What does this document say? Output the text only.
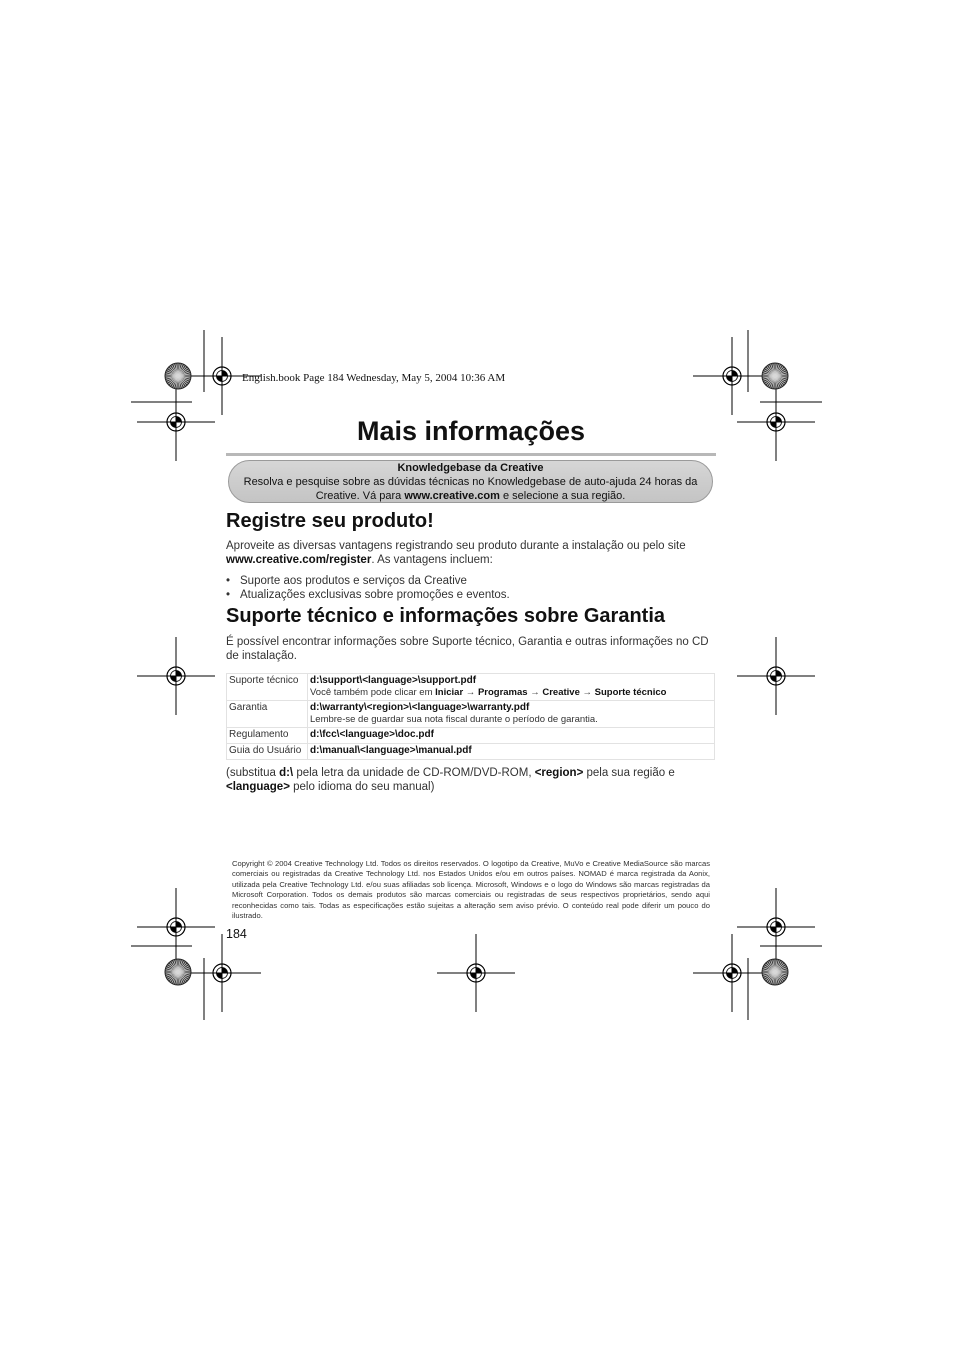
English.book Page 184 Wednesday, May 5, 2004 10:36 AM
Mais informações
Knowledgebase da Creative
Resolva e pesquise sobre as dúvidas técnicas no Knowledgebase de auto-ajuda 24 horas da
Creative. Vá para www.creative.com e selecione a sua região.
Registre seu produto!

Aproveite as diversas vantagens registrando seu produto durante a instalação ou pelo site
www.creative.com/register. As vantagens incluem:

• Suporte aos produtos e serviços da Creative
• Atualizações exclusivas sobre promoções e eventos.
Suporte técnico e informações sobre Garantia

É possível encontrar informações sobre Suporte técnico, Garantia e outras informações no CD de instalação.

Suporte técnico	d:\support\<language>\support.pdf
Você também pode clicar em Iniciar → Programas → Creative → Suporte técnico
Garantia	d:\warranty\<region>\<language>\warranty.pdf
Lembre-se de guardar sua nota fiscal durante o período de garantia.
Regulamento	d:\fcc\<language>\doc.pdf
Guia do Usuário	d:\manual\<language>\manual.pdf

(substitua d:\ pela letra da unidade de CD-ROM/DVD-ROM, <region> pela sua região e
<language> pelo idioma do seu manual)

Copyright © 2004 Creative Technology Ltd. Todos os direitos reservados. O logotipo da Creative, MuVo e Creative MediaSource são marcas comerciais ou registradas da Creative Technology Ltd. nos Estados Unidos e/ou em outros países. NOMAD é marca registrada da Aonix, utilizada pela Creative Technology Ltd. e/ou suas afiliadas sob licença. Microsoft, Windows e o logo do Windows são marcas registradas da Microsoft Corporation. Todos os demais produtos são marcas comerciais ou registradas de seus respectivos proprietários, sendo aqui reconhecidas como tais. Todas as especificações estão sujeitas a alteração sem aviso prévio. O conteúdo real pode diferir um pouco do ilustrado.

184
